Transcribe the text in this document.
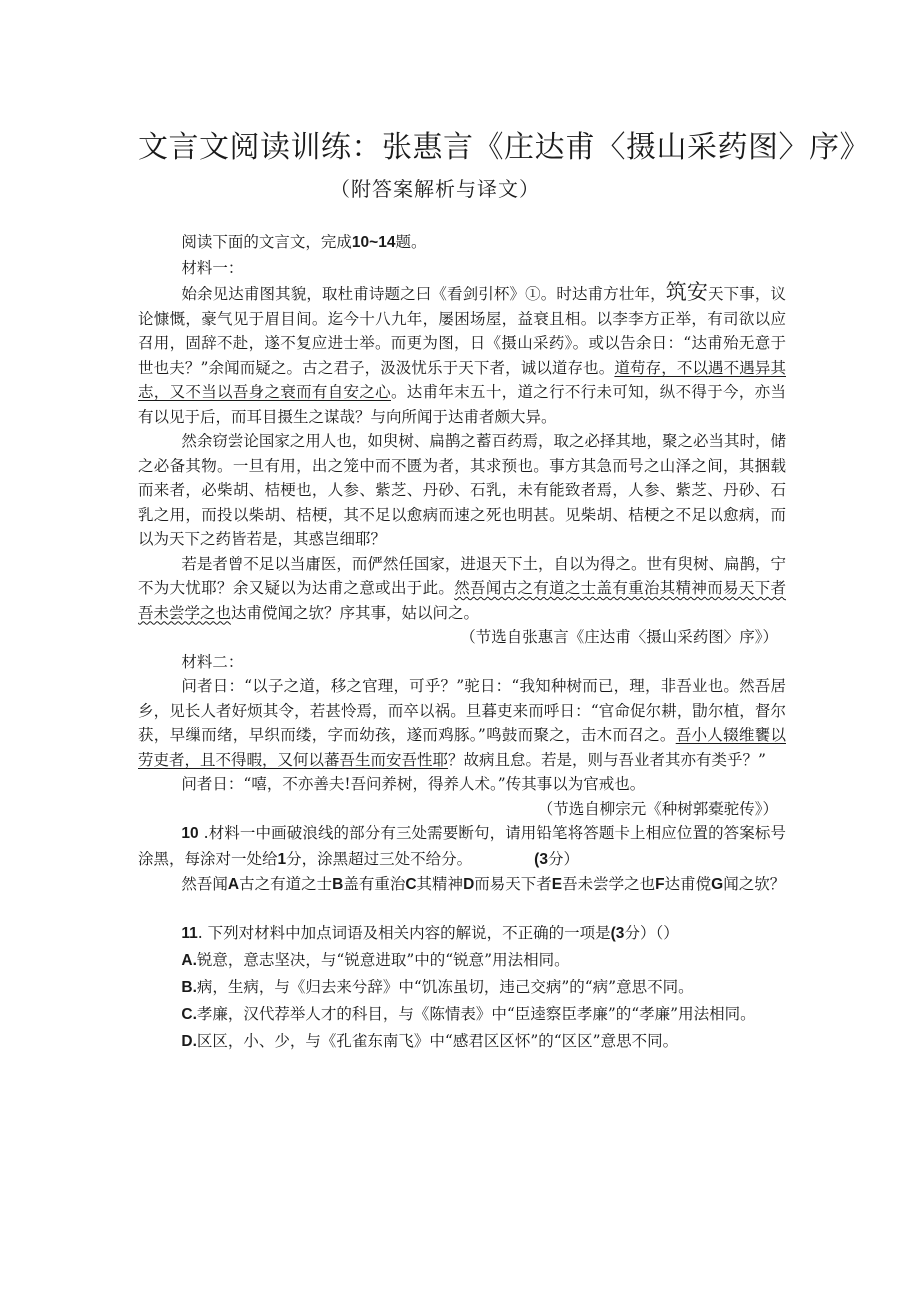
文言文阅读训练：张惠言《庄达甫〈摄山采药图〉序》
（附答案解析与译文）

阅读下面的文言文，完成10~14题。

材料一：

始余见达甫图其貌，取杜甫诗题之曰《看剑引杯》①。时达甫方壮年，筑安天下事，议论慷慨，豪气见于眉目间。迄今十八九年，屡困场屋，益衰且相。以李李方正举，有司欲以应召用，固辞不赴，遂不复应进士举。而更为图，日《摄山采药》。或以告余日：“达甫殆无意于世也夫？”余闻而疑之。古之君子，汲汲忧乐于天下者，诚以道存也。道苟存，不以遇不遇异其志，又不当以吾身之衰而有自安之心。达甫年末五十，道之行不行未可知，纵不得于今，亦当有以见于后，而耳目摄生之谋哉？与向所闻于达甫者颇大异。

然余窃尝论国家之用人也，如臾树、扁鹊之蓄百药焉，取之必择其地，聚之必当其时，储之必备其物。一旦有用，出之笼中而不匮为者，其求预也。事方其急而号之山泽之间，其捆载而来者，必柴胡、桔梗也，人参、紫芝、丹砂、石乳，未有能致者焉，人参、紫芝、丹砂、石乳之用，而投以柴胡、桔梗，其不足以愈病而速之死也明甚。见柴胡、桔梗之不足以愈病，而以为天下之药皆若是，其惑岂细耶？

若是者曾不足以当庸医，而俨然任国家，进退天下土，自以为得之。世有臾树、扁鹊，宁不为大忧耶？余又疑以为达甫之意或出于此。然吾闻古之有道之士盖有重治其精神而易天下者吾未尝学之也达甫傥闻之欤？序其事，姑以问之。

（节选自张惠言《庄达甫〈摄山采药图〉序》）

材料二：

问者日：“以子之道，移之官理，可乎？”驼日：“我知种树而已，理，非吾业也。然吾居乡，见长人者好烦其令，若甚怜焉，而卒以祸。旦暮吏来而呼日：“官命促尔耕，勖尔植，督尔获，早缫而绪，早织而缕，字而幼孩，遂而鸡豚。”鸣鼓而聚之，击木而召之。吾小人辍维饔以劳吏者，且不得暇，又何以蕃吾生而安吾性耶？故病且怠。若是，则与吾业者其亦有类乎？”

问者日：“嘻，不亦善夫!吾问养树，得养人术。”传其事以为官戒也。

（节选自柳宗元《种树郭橐驼传》）

10 .材料一中画破浪线的部分有三处需要断句，请用铅笔将答题卡上相应位置的答案标号涂黑，每涂对一处给1分，涂黑超过三处不给分。    	(3分）

然吾闻A古之有道之士B盖有重治C其精神D而易天下者E吾未尝学之也F达甫傥G闻之欤？

11. 下列对材料中加点词语及相关内容的解说，不正确的一项是(3分）（）

A.锐意，意志坚决，与“锐意进取”中的“锐意”用法相同。

B.病，生病，与《归去来兮辞》中“饥冻虽切，违己交病”的“病”意思不同。

C.孝廉，汉代荐举人才的科目，与《陈情表》中“臣逵察臣孝廉”的“孝廉”用法相同。

D.区区，小、少，与《孔雀东南飞》中“感君区区怀”的“区区”意思不同。
